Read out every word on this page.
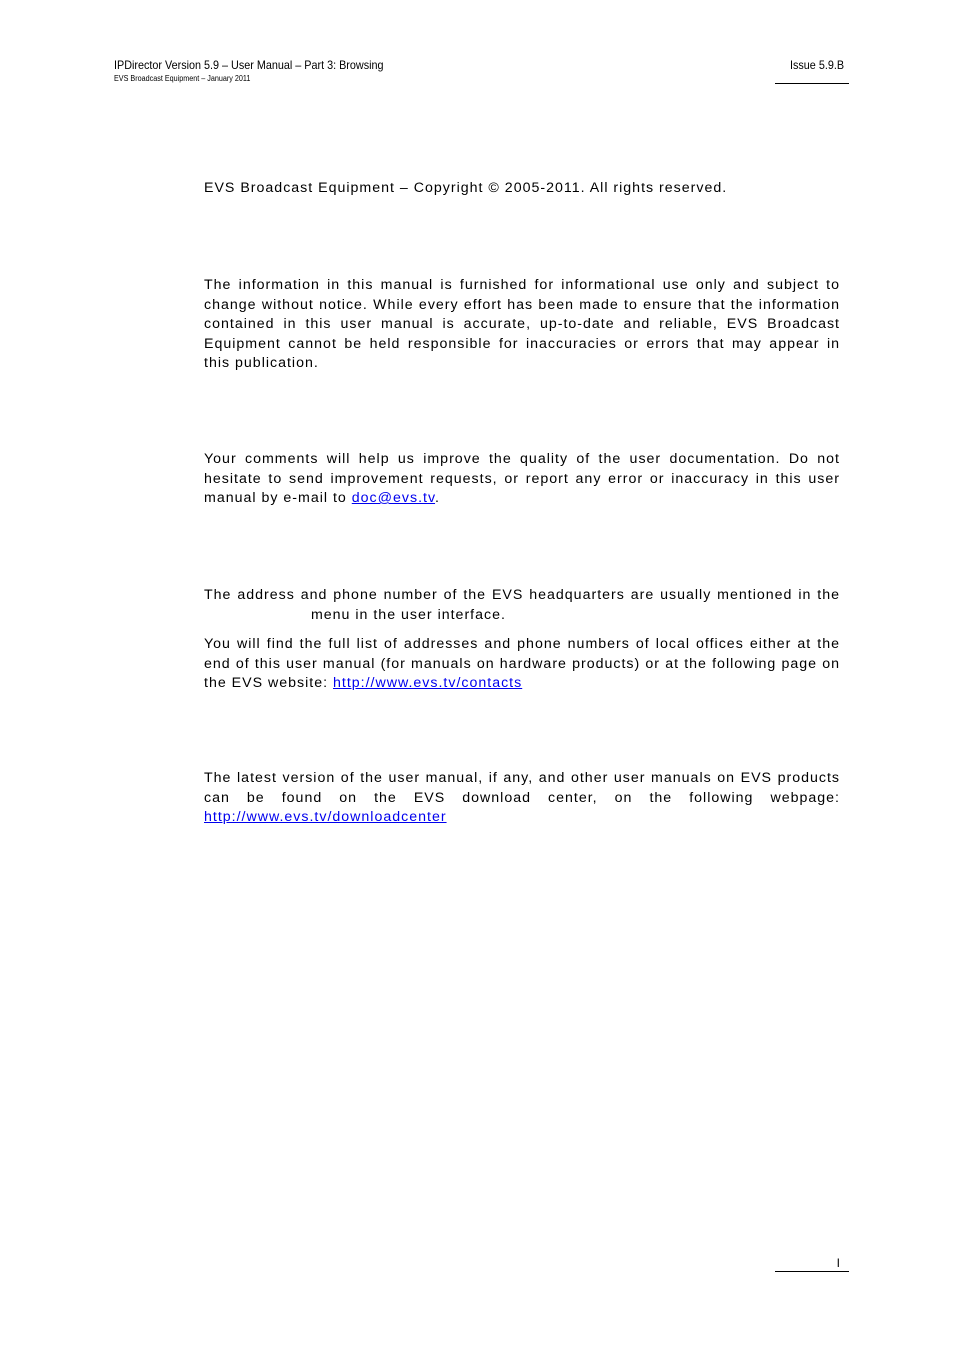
IPDirector Version 5.9 – User Manual – Part 3: Browsing
EVS Broadcast Equipment – January 2011
Issue 5.9.B

EVS Broadcast Equipment – Copyright © 2005-2011. All rights reserved.

The information in this manual is furnished for informational use only and subject to change without notice. While every effort has been made to ensure that the information contained in this user manual is accurate, up-to-date and reliable, EVS Broadcast Equipment cannot be held responsible for inaccuracies or errors that may appear in this publication.

Your comments will help us improve the quality of the user documentation. Do not hesitate to send improvement requests, or report any error or inaccuracy in this user manual by e-mail to doc@evs.tv.

The address and phone number of the EVS headquarters are usually mentioned in the  menu in the user interface.

You will find the full list of addresses and phone numbers of local offices either at the end of this user manual (for manuals on hardware products) or at the following page on the EVS website: http://www.evs.tv/contacts

The latest version of the user manual, if any, and other user manuals on EVS products can be found on the EVS download center, on the following webpage: http://www.evs.tv/downloadcenter

I
